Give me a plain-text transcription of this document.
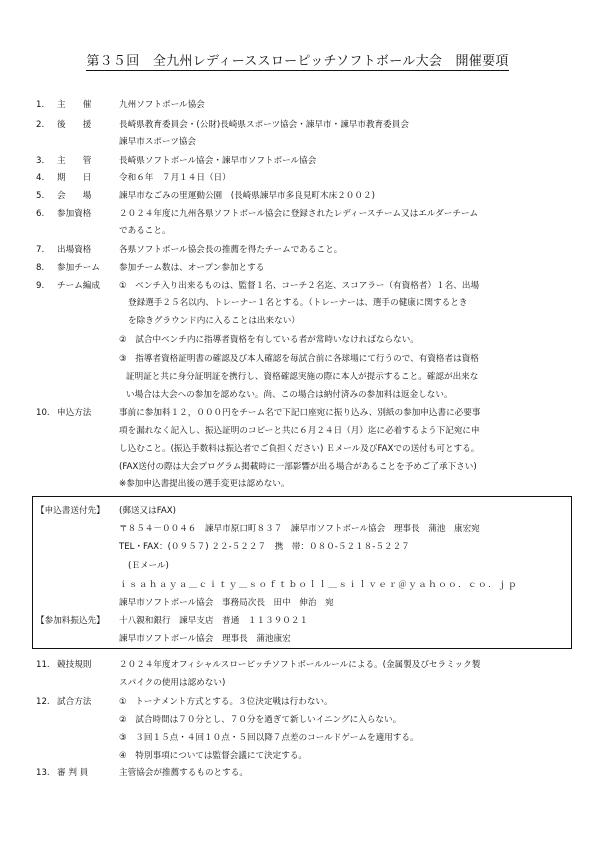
第３５回　全九州レディーススローピッチソフトボール大会　開催要項
1. 主　　催	九州ソフトボール協会
2. 後　　援	長崎県教育委員会・(公財)長崎県スポーツ協会・諫早市・諫早市教育委員会
諫早市スポーツ協会
3. 主　　管	長崎県ソフトボール協会・諫早市ソフトボール協会
4. 期　　日	令和６年　７月１４日（日）
5. 会　　場	諫早市なごみの里運動公園　(長崎県諫早市多良見町木床２００２)
6. 参加資格	２０２４年度に九州各県ソフトボール協会に登録されたレディースチーム又はエルダーチーム
であること。
7. 出場資格	各県ソフトボール協会長の推薦を得たチームであること。
8. 参加チーム 参加チーム数は、オープン参加とする
9. チーム編成 ①　ベンチ入り出来るものは、監督１名、コーチ２名迄、スコアラー（有資格者）１名、出場
登録選手２５名以内、トレーナー１名とする。（トレーナーは、選手の健康に関するとき
を除きグラウンド内に入ることは出来ない）
②　試合中ベンチ内に指導者資格を有している者が常時いなければならない。
③　指導者資格証明書の確認及び本人確認を毎試合前に各球場にて行うので、有資格者は資格
証明証と共に身分証明証を携行し、資格確認実施の際に本人が提示すること。確認が出来な
い場合は大会への参加を認めない。尚、この場合は納付済みの参加料は返金しない。
10. 申込方法	事前に参加料１２，０００円をチーム名で下記口座宛に振り込み、別紙の参加申込書に必要事
項を漏れなく記入し、振込証明のコピーと共に６月２４日（月）迄に必着するよう下記宛に申
し込むこと。(振込手数料は振込者でご負担ください) Ｅメール及びFAXでの送付も可とする。
(FAX送付の際は大会プログラム掲載時に一部影響が出る場合があることを予めご了承下さい)
※参加申込書提出後の選手変更は認めない。
【申込書送付先】 (郵送又はFAX)
〒８５４－００４６　諫早市原口町８３７　諫早市ソフトボール協会　理事長　蒲池　康宏宛
TEL・FAX：(０９５７) ２２-５２２７　携　帯：０８０-５２１８-５２２７
(Ｅメール)
ｉｓａｈａｙａ＿ｃｉｔｙ＿ｓｏｆｔｂｏｌｌ＿ｓｉｌｖｅｒ＠ｙａｈｏｏ．ｃｏ．ｊｐ
諫早市ソフトボール協会　事務局次長　田中　伸治　宛
【参加料振込先】 十八親和銀行　諫早支店　普通　１１３９０２１
諫早市ソフトボール協会　理事長　蒲池康宏
11. 競技規則	２０２４年度オフィシャルスローピッチソフトボールルールによる。(金属製及びセラミック製
スパイクの使用は認めない)
12. 試合方法	①　トーナメント方式とする。３位決定戦は行わない。
②　試合時間は７０分とし、７０分を過ぎて新しいイニングに入らない。
③　３回１５点・４回１０点・５回以降７点差のコールドゲームを適用する。
④　特別事項については監督会議にて決定する。
13. 審 判 員	主管協会が推薦するものとする。
